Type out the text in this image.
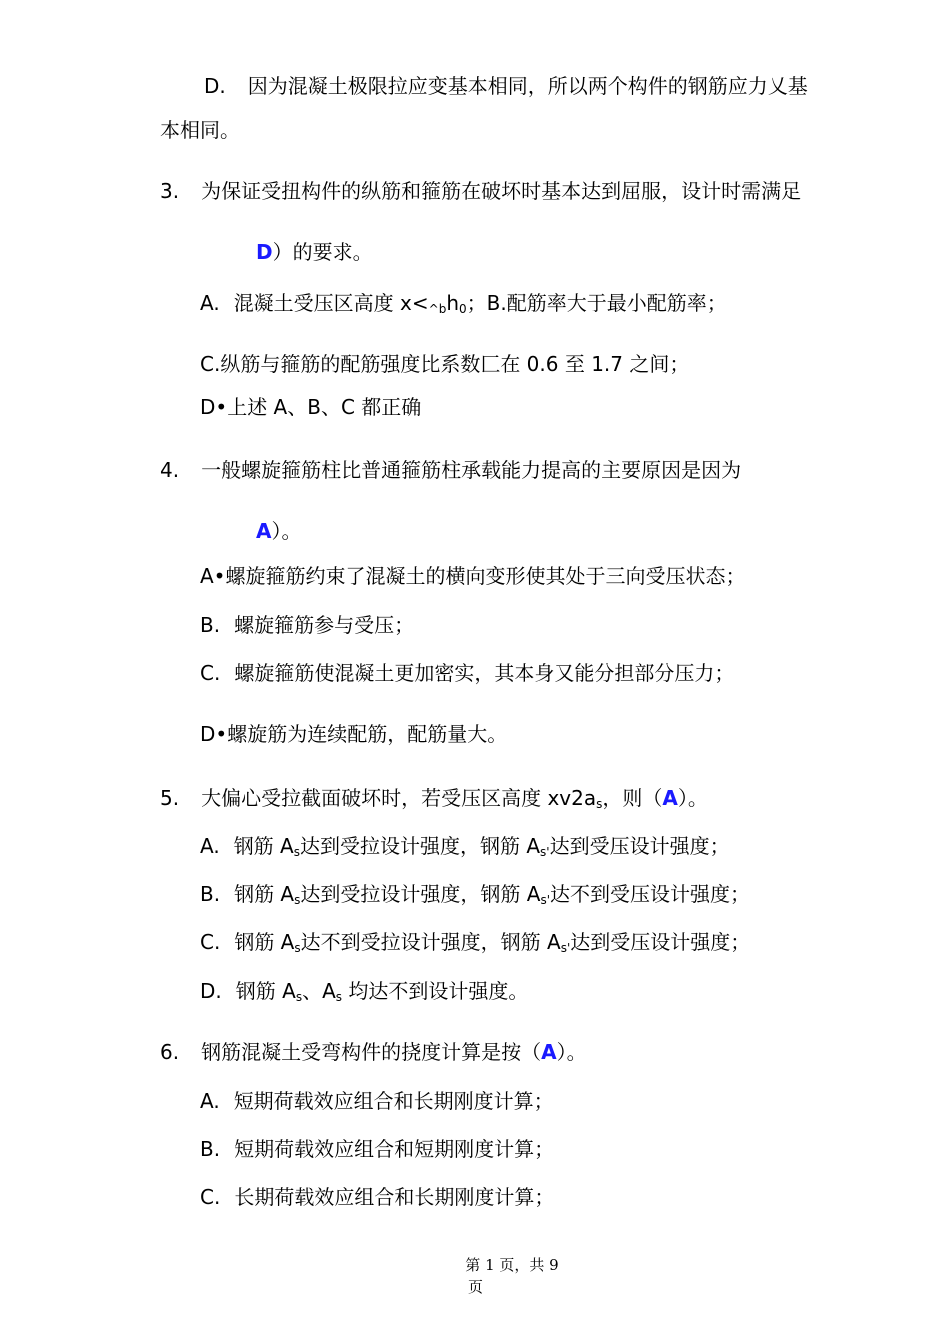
D. 因为混凝土极限拉应变基本相同，所以两个构件的钢筋应力乂基
本相同。
3. 为保证受扭构件的纵筋和箍筋在破坏时基本达到屈服，设计时需满足
D）的要求。
A. 混凝土受压区高度 $x<_{\^{}b}h_0$；B.配筋率大于最小配筋率；
C.纵筋与箍筋的配筋强度比系数匚在 0.6 至 1.7 之间；
D•上述 A、B、C 都正确
4. 一般螺旋箍筋柱比普通箍筋柱承载能力提高的主要原因是因为
A）。
A•螺旋箍筋约束了混凝土的横向变形使其处于三向受压状态；
B. 螺旋箍筋参与受压；
C. 螺旋箍筋使混凝土更加密实，其本身又能分担部分压力；
D•螺旋筋为连续配筋，配筋量大。
5. 大偏心受拉截面破坏时，若受压区高度 $xv2a_s$，则（A）。
A. 钢筋 $A_s$达到受拉设计强度，钢筋 $A_{s'}$达到受压设计强度；
B. 钢筋 $A_s$达到受拉设计强度，钢筋 $A_{s'}$达不到受压设计强度；
C. 钢筋 $A_s$达不到受拉设计强度，钢筋 $A_{s'}$达到受压设计强度；
D. 钢筋 $A_s$、$A_s$ 均达不到设计强度。
6. 钢筋混凝土受弯构件的挠度计算是按（A）。
A. 短期荷载效应组合和长期刚度计算；
B. 短期荷载效应组合和短期刚度计算；
C. 长期荷载效应组合和长期刚度计算；
第 1 页，共 9
页
